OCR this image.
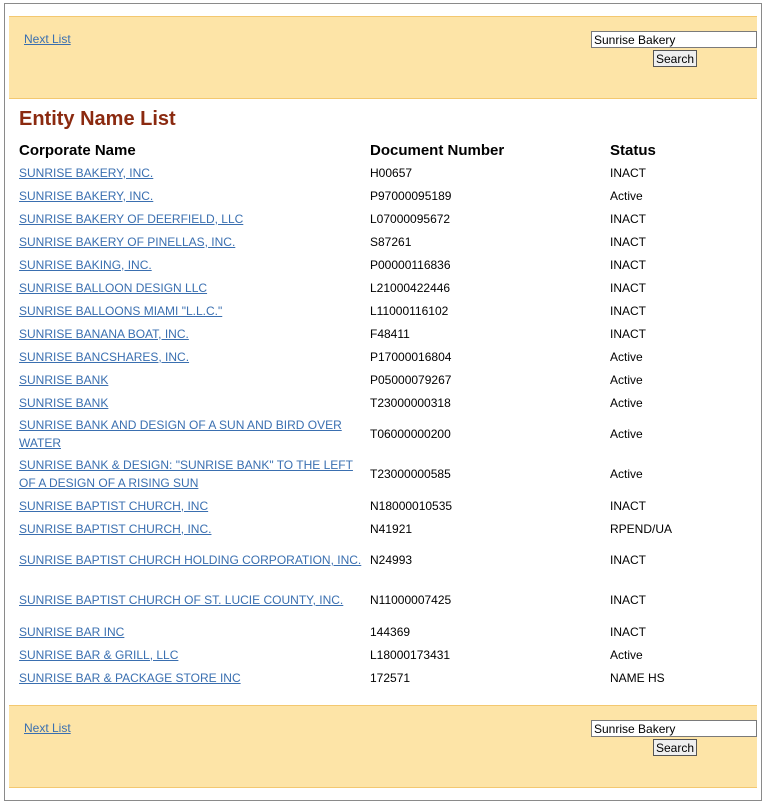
Next List
Sunrise Bakery
Search
Entity Name List
Corporate Name	Document Number	Status
SUNRISE BAKERY, INC.	H00657	INACT
SUNRISE BAKERY, INC.	P97000095189	Active
SUNRISE BAKERY OF DEERFIELD, LLC	L07000095672	INACT
SUNRISE BAKERY OF PINELLAS, INC.	S87261	INACT
SUNRISE BAKING, INC.	P00000116836	INACT
SUNRISE BALLOON DESIGN LLC	L21000422446	INACT
SUNRISE BALLOONS MIAMI "L.L.C."	L11000116102	INACT
SUNRISE BANANA BOAT, INC.	F48411	INACT
SUNRISE BANCSHARES, INC.	P17000016804	Active
SUNRISE BANK	P05000079267	Active
SUNRISE BANK	T23000000318	Active
SUNRISE BANK AND DESIGN OF A SUN AND BIRD OVER WATER	T06000000200	Active
SUNRISE BANK & DESIGN: "SUNRISE BANK" TO THE LEFT OF A DESIGN OF A RISING SUN	T23000000585	Active
SUNRISE BAPTIST CHURCH, INC	N18000010535	INACT
SUNRISE BAPTIST CHURCH, INC.	N41921	RPEND/UA
SUNRISE BAPTIST CHURCH HOLDING CORPORATION, INC.	N24993	INACT
SUNRISE BAPTIST CHURCH OF ST. LUCIE COUNTY, INC.	N11000007425	INACT
SUNRISE BAR INC	144369	INACT
SUNRISE BAR & GRILL, LLC	L18000173431	Active
SUNRISE BAR & PACKAGE STORE INC	172571	NAME HS
Next List
Sunrise Bakery
Search
